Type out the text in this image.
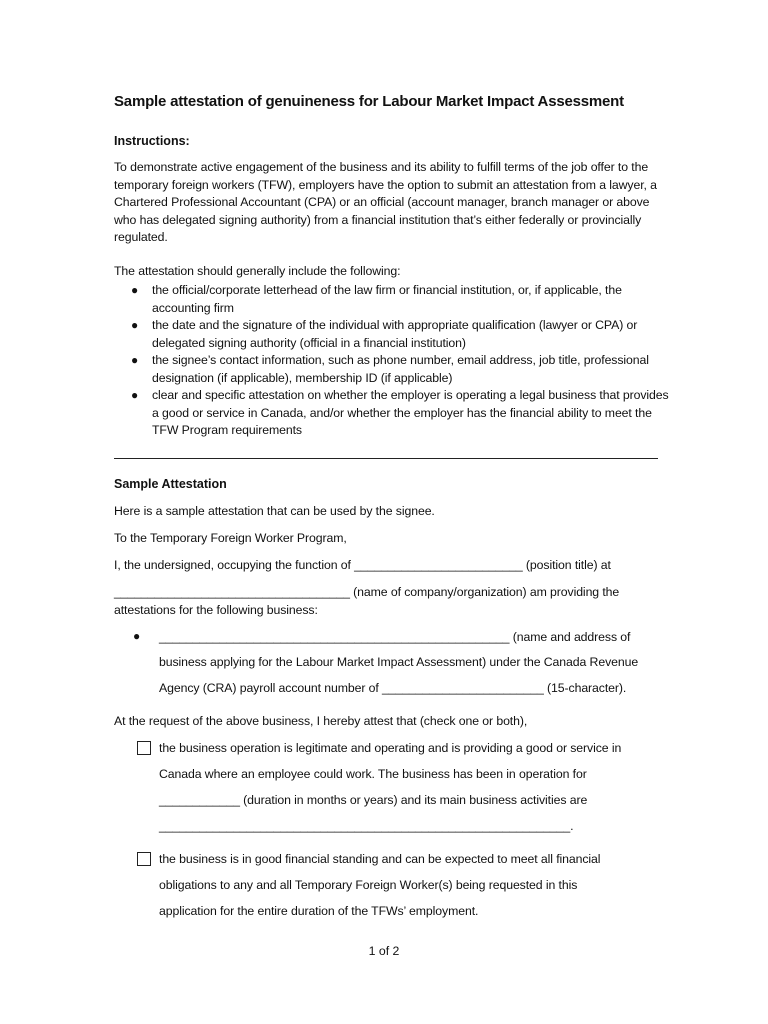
Sample attestation of genuineness for Labour Market Impact Assessment
Instructions:
To demonstrate active engagement of the business and its ability to fulfill terms of the job offer to the temporary foreign workers (TFW), employers have the option to submit an attestation from a lawyer, a Chartered Professional Accountant (CPA) or an official (account manager, branch manager or above who has delegated signing authority) from a financial institution that’s either federally or provincially regulated.
The attestation should generally include the following:
● the official/corporate letterhead of the law firm or financial institution, or, if applicable, the accounting firm
● the date and the signature of the individual with appropriate qualification (lawyer or CPA) or delegated signing authority (official in a financial institution)
● the signee’s contact information, such as phone number, email address, job title, professional designation (if applicable), membership ID (if applicable)
● clear and specific attestation on whether the employer is operating a legal business that provides a good or service in Canada, and/or whether the employer has the financial ability to meet the TFW Program requirements
Sample Attestation
Here is a sample attestation that can be used by the signee.
To the Temporary Foreign Worker Program,
I, the undersigned, occupying the function of _________________________ (position title) at
___________________________________ (name of company/organization) am providing the
attestations for the following business:
● ____________________________________________________ (name and address of
business applying for the Labour Market Impact Assessment) under the Canada Revenue
Agency (CRA) payroll account number of ________________________ (15-character).
At the request of the above business, I hereby attest that (check one or both),
the business operation is legitimate and operating and is providing a good or service in
Canada where an employee could work. The business has been in operation for
____________ (duration in months or years) and its main business activities are
_____________________________________________________________.
the business is in good financial standing and can be expected to meet all financial
obligations to any and all Temporary Foreign Worker(s) being requested in this
application for the entire duration of the TFWs’ employment.
1 of 2
